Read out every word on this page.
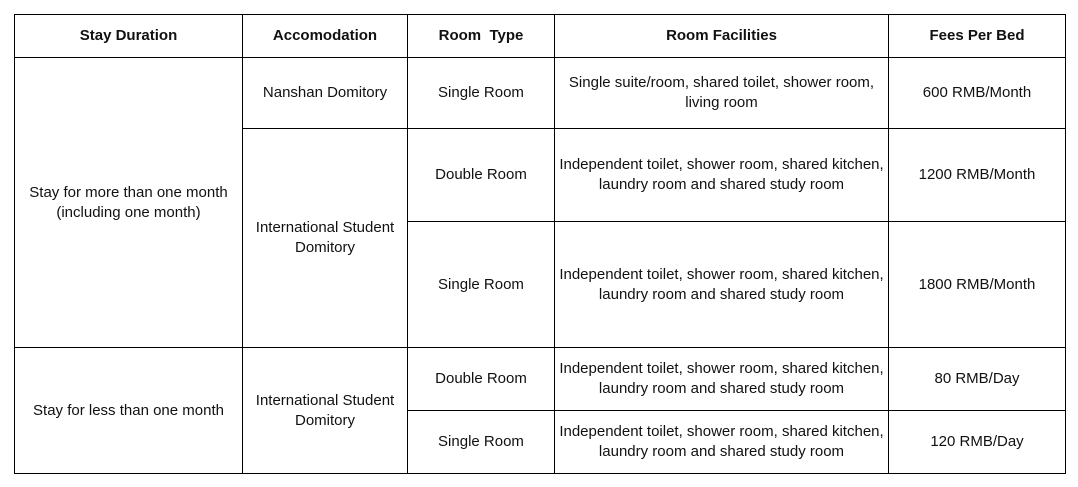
Stay Duration	Accomodation	Room  Type	Room Facilities	Fees Per Bed
Stay for more than one month (including one month)	Nanshan Domitory	Single Room	Single suite/room, shared toilet, shower room, living room	600 RMB/Month
	International Student Domitory	Double Room	Independent toilet, shower room, shared kitchen, laundry room and shared study room	1200 RMB/Month
		Single Room	Independent toilet, shower room, shared kitchen, laundry room and shared study room	1800 RMB/Month
Stay for less than one month	International Student Domitory	Double Room	Independent toilet, shower room, shared kitchen, laundry room and shared study room	80 RMB/Day
		Single Room	Independent toilet, shower room, shared kitchen, laundry room and shared study room	120 RMB/Day
